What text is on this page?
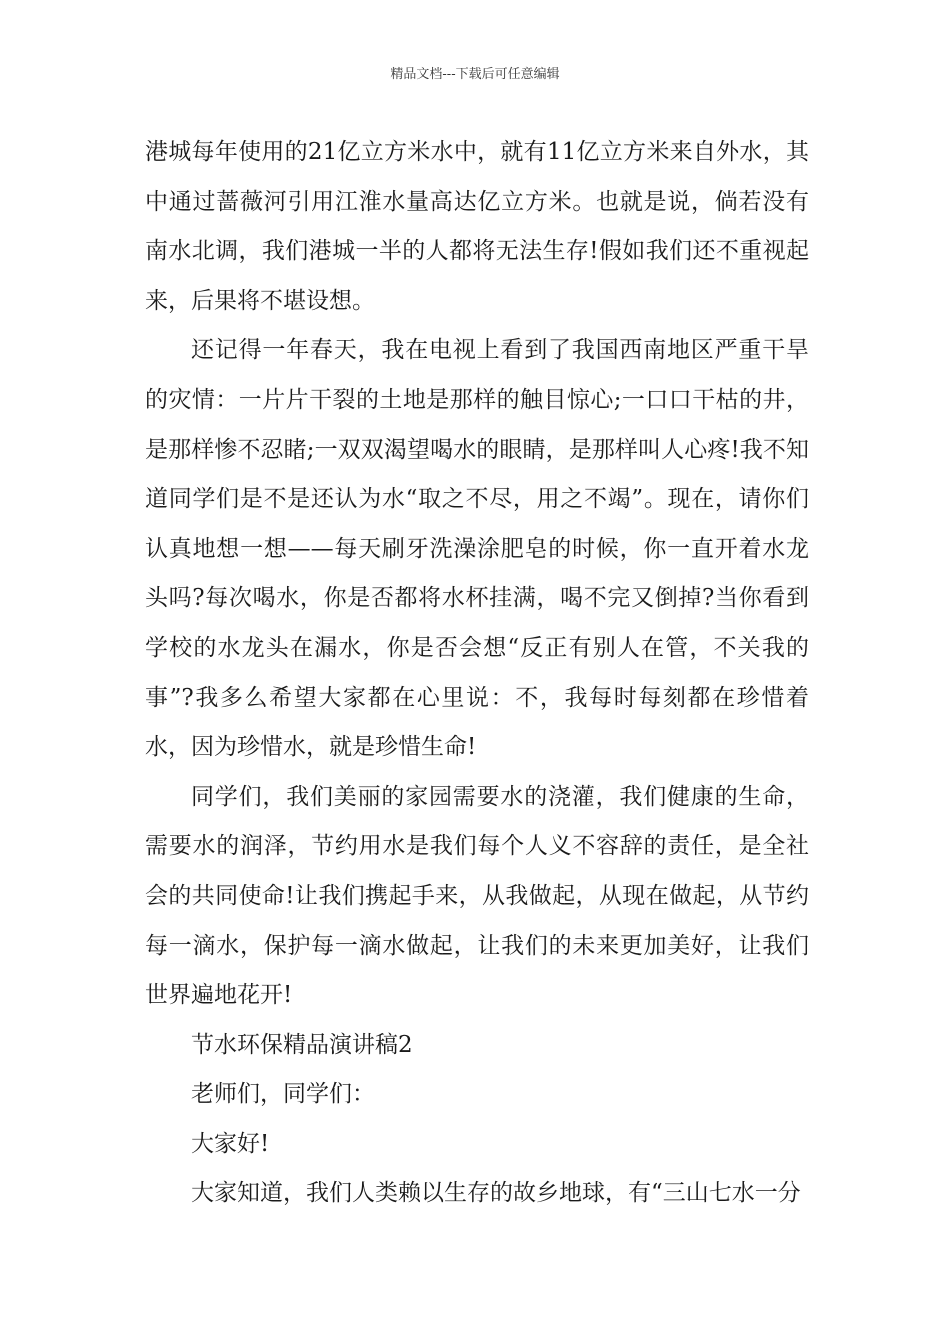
精品文档---下载后可任意编辑

港城每年使用的21亿立方米水中，就有11亿立方米来自外水，其中通过蔷薇河引用江淮水量高达亿立方米。也就是说，倘若没有南水北调，我们港城一半的人都将无法生存!假如我们还不重视起来，后果将不堪设想。

还记得一年春天，我在电视上看到了我国西南地区严重干旱的灾情：一片片干裂的土地是那样的触目惊心;一口口干枯的井，是那样惨不忍睹;一双双渴望喝水的眼睛，是那样叫人心疼!我不知道同学们是不是还认为水“取之不尽，用之不竭”。现在，请你们认真地想一想——每天刷牙洗澡涂肥皂的时候，你一直开着水龙头吗?每次喝水，你是否都将水杯挂满，喝不完又倒掉?当你看到学校的水龙头在漏水，你是否会想“反正有别人在管，不关我的事”?我多么希望大家都在心里说：不，我每时每刻都在珍惜着水，因为珍惜水，就是珍惜生命!

同学们，我们美丽的家园需要水的浇灌，我们健康的生命，需要水的润泽，节约用水是我们每个人义不容辞的责任，是全社会的共同使命!让我们携起手来，从我做起，从现在做起，从节约每一滴水，保护每一滴水做起，让我们的未来更加美好，让我们世界遍地花开!

节水环保精品演讲稿2

老师们，同学们：

大家好!

大家知道，我们人类赖以生存的故乡地球，有“三山七水一分
